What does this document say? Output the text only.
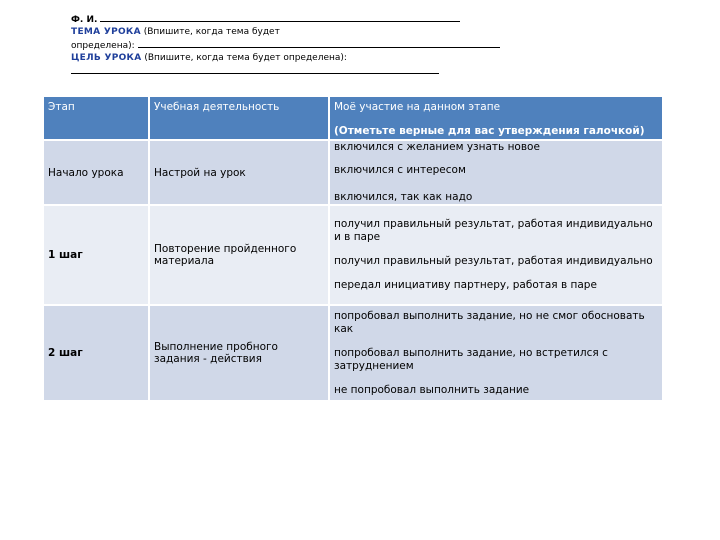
Ф. И.
ТЕМА УРОКА (Впишите, когда тема будет
определена):
ЦЕЛЬ УРОКА (Впишите, когда тема будет определена):
Этап	Учебная деятельность	Моё участие на данном этапе
(Отметьте верные для вас утверждения галочкой)

Начало урока	Настрой на урок	включился с желанием узнать новое
включился с интересом
включился, так как надо

1 шаг	Повторение пройденного материала	получил правильный результат, работая индивидуально и в паре
получил правильный результат, работая индивидуально
передал инициативу партнеру, работая в паре

2 шаг	Выполнение пробного задания - действия	попробовал выполнить задание, но не смог обосновать как
попробовал выполнить задание, но встретился с затруднением
не попробовал выполнить задание
